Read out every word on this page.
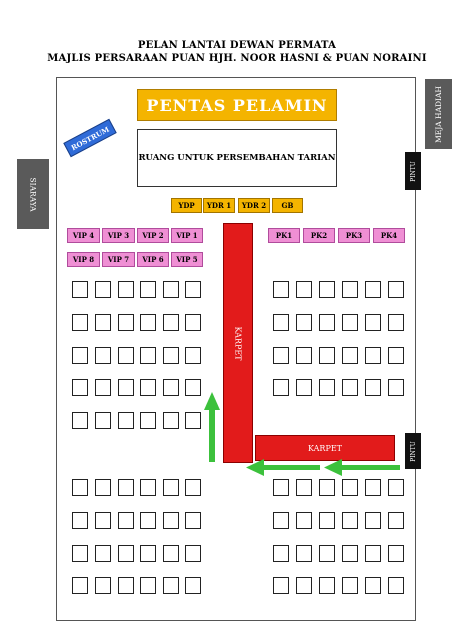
PELAN LANTAI DEWAN PERMATA
MAJLIS PERSARAAN PUAN HJH. NOOR HASNI & PUAN NORAINI
PENTAS PELAMIN
RUANG UNTUK PERSEMBAHAN TARIAN
ROSTRUM
SIARAYA
MEJA HADIAH
PINTU
PINTU
YDP	YDR 1	YDR 2	GB
VIP 4	VIP 3	VIP 2	VIP 1
VIP 8	VIP 7	VIP 6	VIP 5
PK1	PK2	PK3	PK4
KARPET
KARPET
